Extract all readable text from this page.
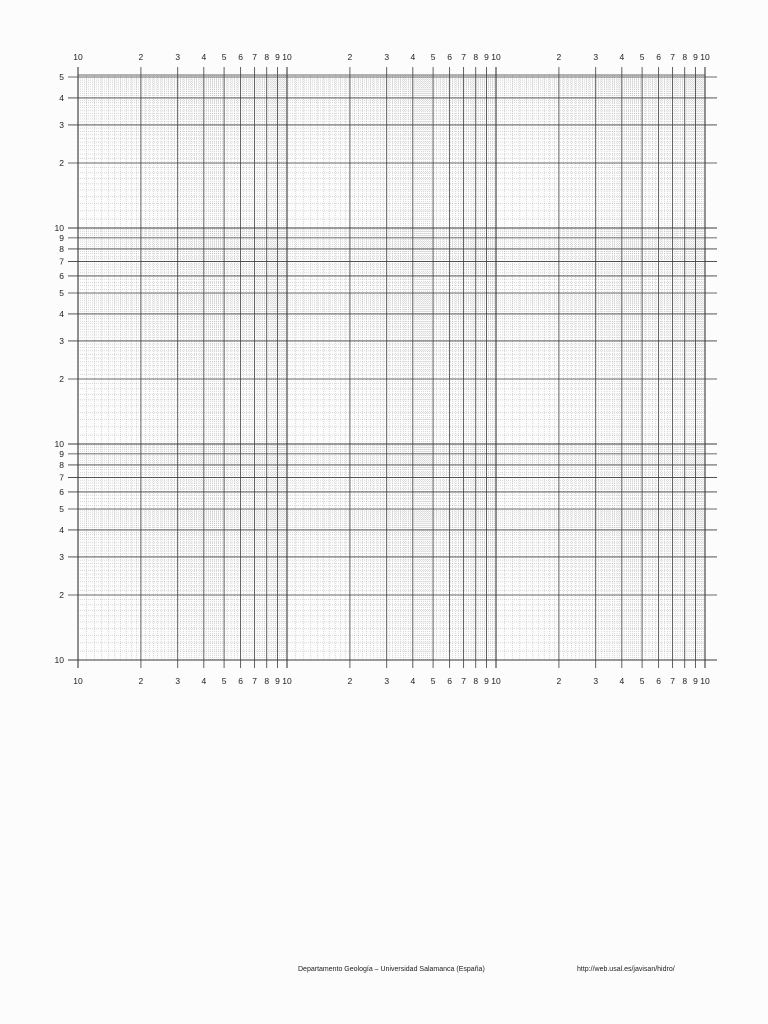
10
10
2
2
3
3
4
4
5
5
6
6
7
7
8
8
9
9
10
10
2
2
3
3
4
4
5
5
6
6
7
7
8
8
9
9
10
10
2
2
3
3
4
4
5
5
6
6
7
7
8
8
9
9
10
10
10
2
3
4
5
6
7
8
9
10
2
3
4
5
6
7
8
9
10
2
3
4
5
Departamento Geología – Universidad Salamanca (España)	http://web.usal.es/javisan/hidro/
